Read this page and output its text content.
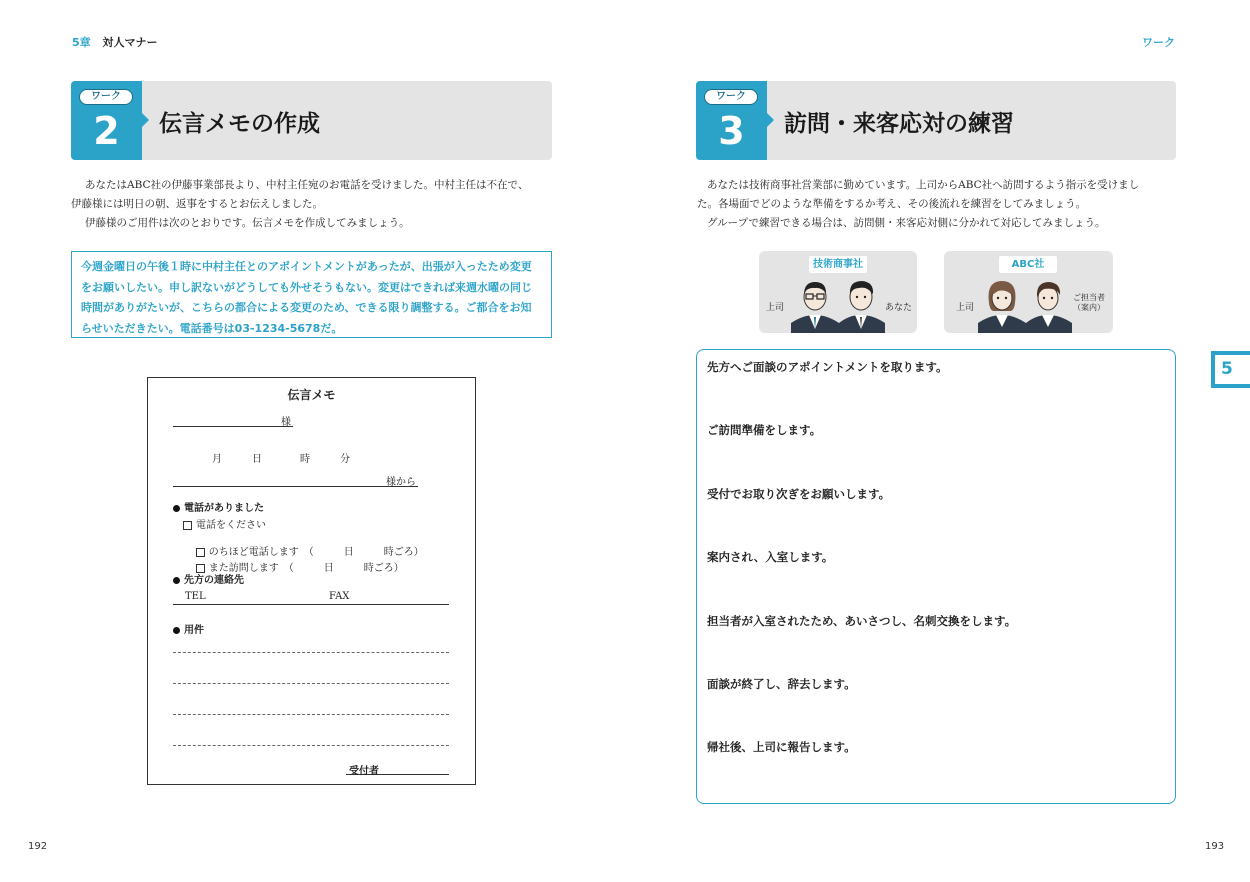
5章 対人マナー
ワーク
2	伝言メモの作成
あなたはABC社の伊藤事業部長より、中村主任宛のお電話を受けました。中村主任は不在で、
伊藤様には明日の朝、返事をするとお伝えしました。
伊藤様のご用件は次のとおりです。伝言メモを作成してみましょう。
今週金曜日の午後１時に中村主任とのアポイントメントがあったが、出張が入ったため変更
をお願いしたい。申し訳ないがどうしても外せそうもない。変更はできれば来週水曜の同じ
時間がありがたいが、こちらの都合による変更のため、できる限り調整する。ご都合をお知
らせいただきたい。電話番号は03-1234-5678だ。
伝言メモ
様
月	日	時	分
様から
電話がありました
電話をください

のちほど電話します　（　　　日　　　時ごろ）

また訪問します　（　　　日　　　時ごろ）

先方の連絡先
TEL	FAX
用件
受付者
192
ワーク
ワーク
3	訪問・来客応対の練習
あなたは技術商事社営業部に勤めています。上司からABC社へ訪問するよう指示を受けまし
た。各場面でどのような準備をするか考え、その後流れを練習をしてみましょう。
グループで練習できる場合は、訪問側・来客応対側に分かれて対応してみましょう。
技術商事社
上司	あなた
ABC社
上司
ご担当者
（案内）
先方へご面談のアポイントメントを取ります。
ご訪問準備をします。
受付でお取り次ぎをお願いします。
案内され、入室します。
担当者が入室されたため、あいさつし、名刺交換をします。
面談が終了し、辞去します。
帰社後、上司に報告します。
5
193
